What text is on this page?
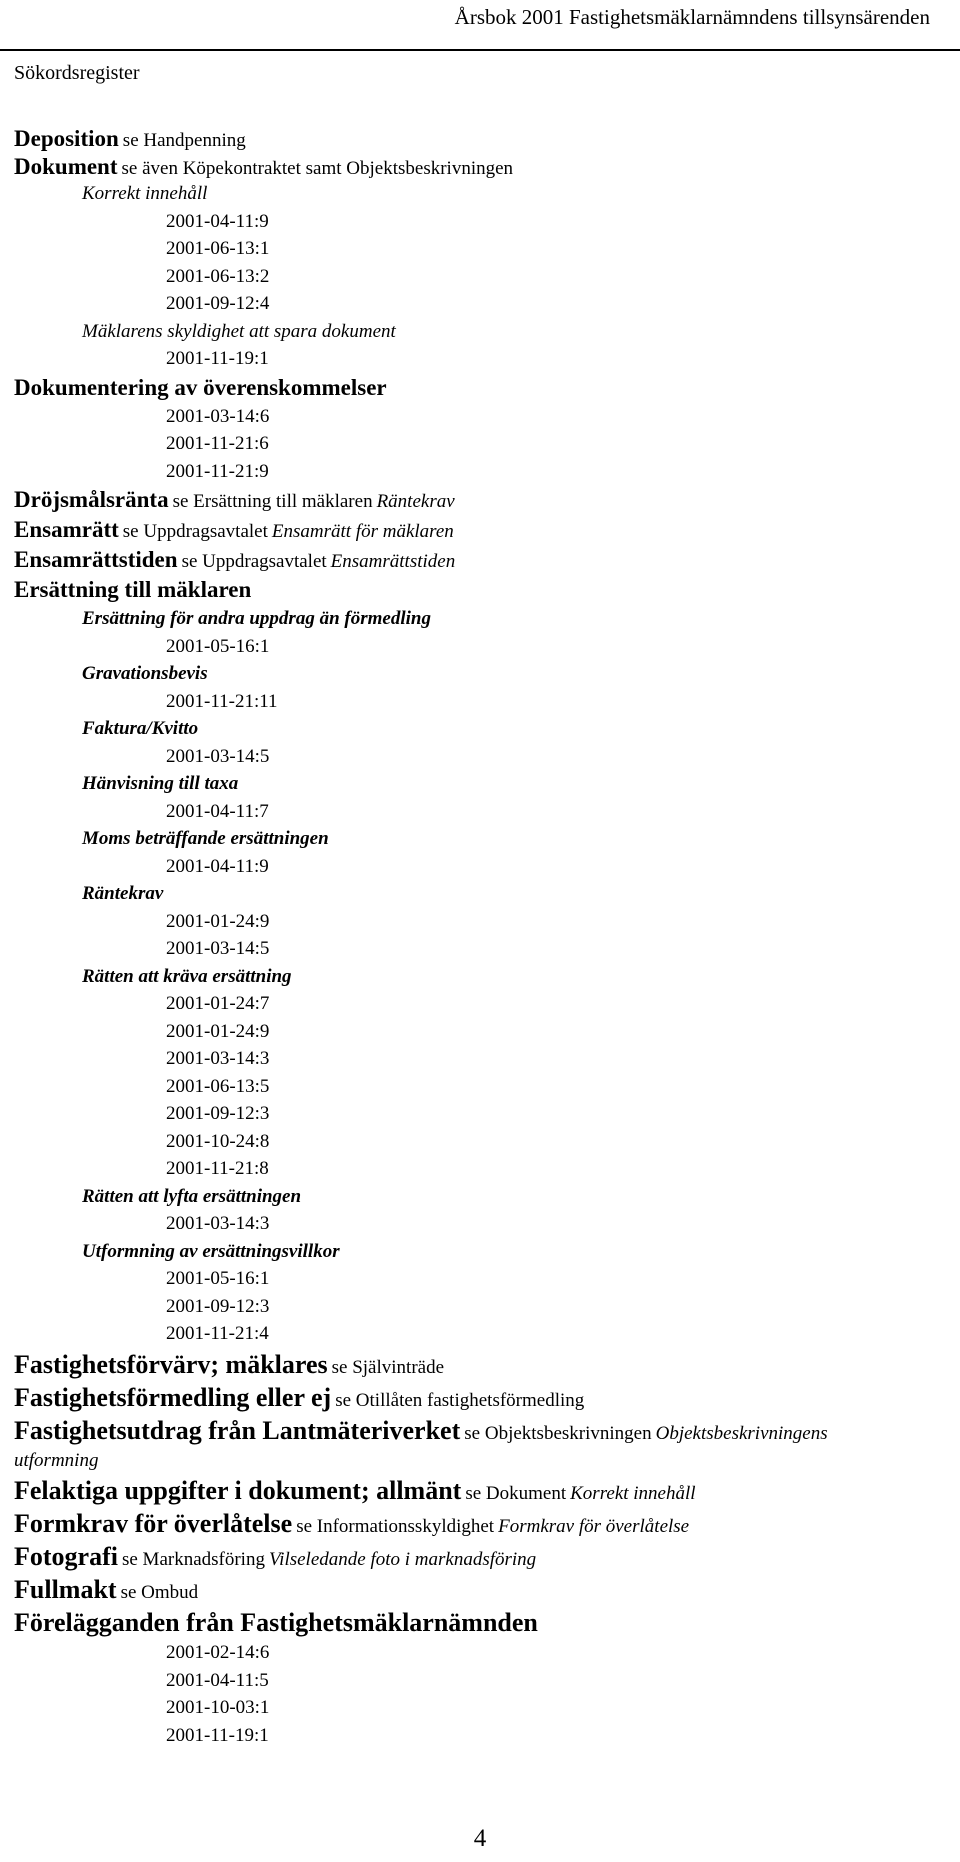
Årsbok 2001 Fastighetsmäklarnämndens tillsynsärenden
Sökordsregister
Deposition se Handpenning
Dokument se även Köpekontraktet samt Objektsbeskrivningen
Korrekt innehåll
2001-04-11:9
2001-06-13:1
2001-06-13:2
2001-09-12:4
Mäklarens skyldighet att spara dokument
2001-11-19:1
Dokumentering av överenskommelser
2001-03-14:6
2001-11-21:6
2001-11-21:9
Dröjsmålsränta se Ersättning till mäklaren Räntekrav
Ensamrätt se Uppdragsavtalet Ensamrätt för mäklaren
Ensamrättstiden se Uppdragsavtalet Ensamrättstiden
Ersättning till mäklaren
Ersättning för andra uppdrag än förmedling
2001-05-16:1
Gravationsbevis
2001-11-21:11
Faktura/Kvitto
2001-03-14:5
Hänvisning till taxa
2001-04-11:7
Moms beträffande ersättningen
2001-04-11:9
Räntekrav
2001-01-24:9
2001-03-14:5
Rätten att kräva ersättning
2001-01-24:7
2001-01-24:9
2001-03-14:3
2001-06-13:5
2001-09-12:3
2001-10-24:8
2001-11-21:8
Rätten att lyfta ersättningen
2001-03-14:3
Utformning av ersättningsvillkor
2001-05-16:1
2001-09-12:3
2001-11-21:4
Fastighetsförvärv; mäklares se Självinträde
Fastighetsförmedling eller ej se Otillåten fastighetsförmedling
Fastighetsutdrag från Lantmäteriverket se Objektsbeskrivningen Objektsbeskrivningens
utformning
Felaktiga uppgifter i dokument; allmänt se Dokument Korrekt innehåll
Formkrav för överlåtelse se Informationsskyldighet Formkrav för överlåtelse
Fotografi se Marknadsföring Vilseledande foto i marknadsföring
Fullmakt se Ombud
Förelägganden från Fastighetsmäklarnämnden
2001-02-14:6
2001-04-11:5
2001-10-03:1
2001-11-19:1
4
